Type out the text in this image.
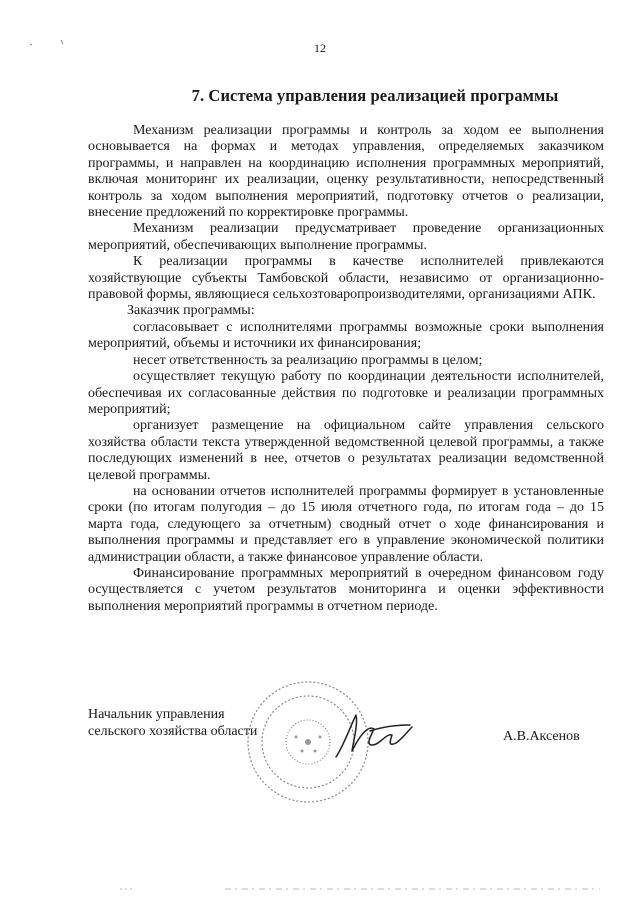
12
7. Система управления реализацией программы

Механизм реализации программы и контроль за ходом ее выполнения основывается на формах и методах управления, определяемых заказчиком программы, и направлен на координацию исполнения программных мероприятий, включая мониторинг их реализации, оценку результативности, непосредственный контроль за ходом выполнения мероприятий, подготовку отчетов о реализации, внесение предложений по корректировке программы.

Механизм реализации предусматривает проведение организационных мероприятий, обеспечивающих выполнение программы.

К реализации программы в качестве исполнителей привлекаются хозяйствующие субъекты Тамбовской области, независимо от организационно-правовой формы, являющиеся сельхозтоваропроизводителями, организациями АПК.

Заказчик программы:

согласовывает с исполнителями программы возможные сроки выполнения мероприятий, объемы и источники их финансирования;

несет ответственность за реализацию программы в целом;

осуществляет текущую работу по координации деятельности исполнителей, обеспечивая их согласованные действия по подготовке и реализации программных мероприятий;

организует размещение на официальном сайте управления сельского хозяйства области текста утвержденной ведомственной целевой программы, а также последующих изменений в нее, отчетов о результатах реализации ведомственной целевой программы.

на основании отчетов исполнителей программы формирует в установленные сроки (по итогам полугодия – до 15 июля отчетного года, по итогам года – до 15 марта года, следующего за отчетным) сводный отчет о ходе финансирования и выполнения программы и представляет его в управление экономической политики администрации области, а также финансовое управление области.

Финансирование программных мероприятий в очередном финансовом году осуществляется с учетом результатов мониторинга и оценки эффективности выполнения мероприятий программы в отчетном периоде.

Начальник управления
сельского хозяйства области	А.В.Аксенов
